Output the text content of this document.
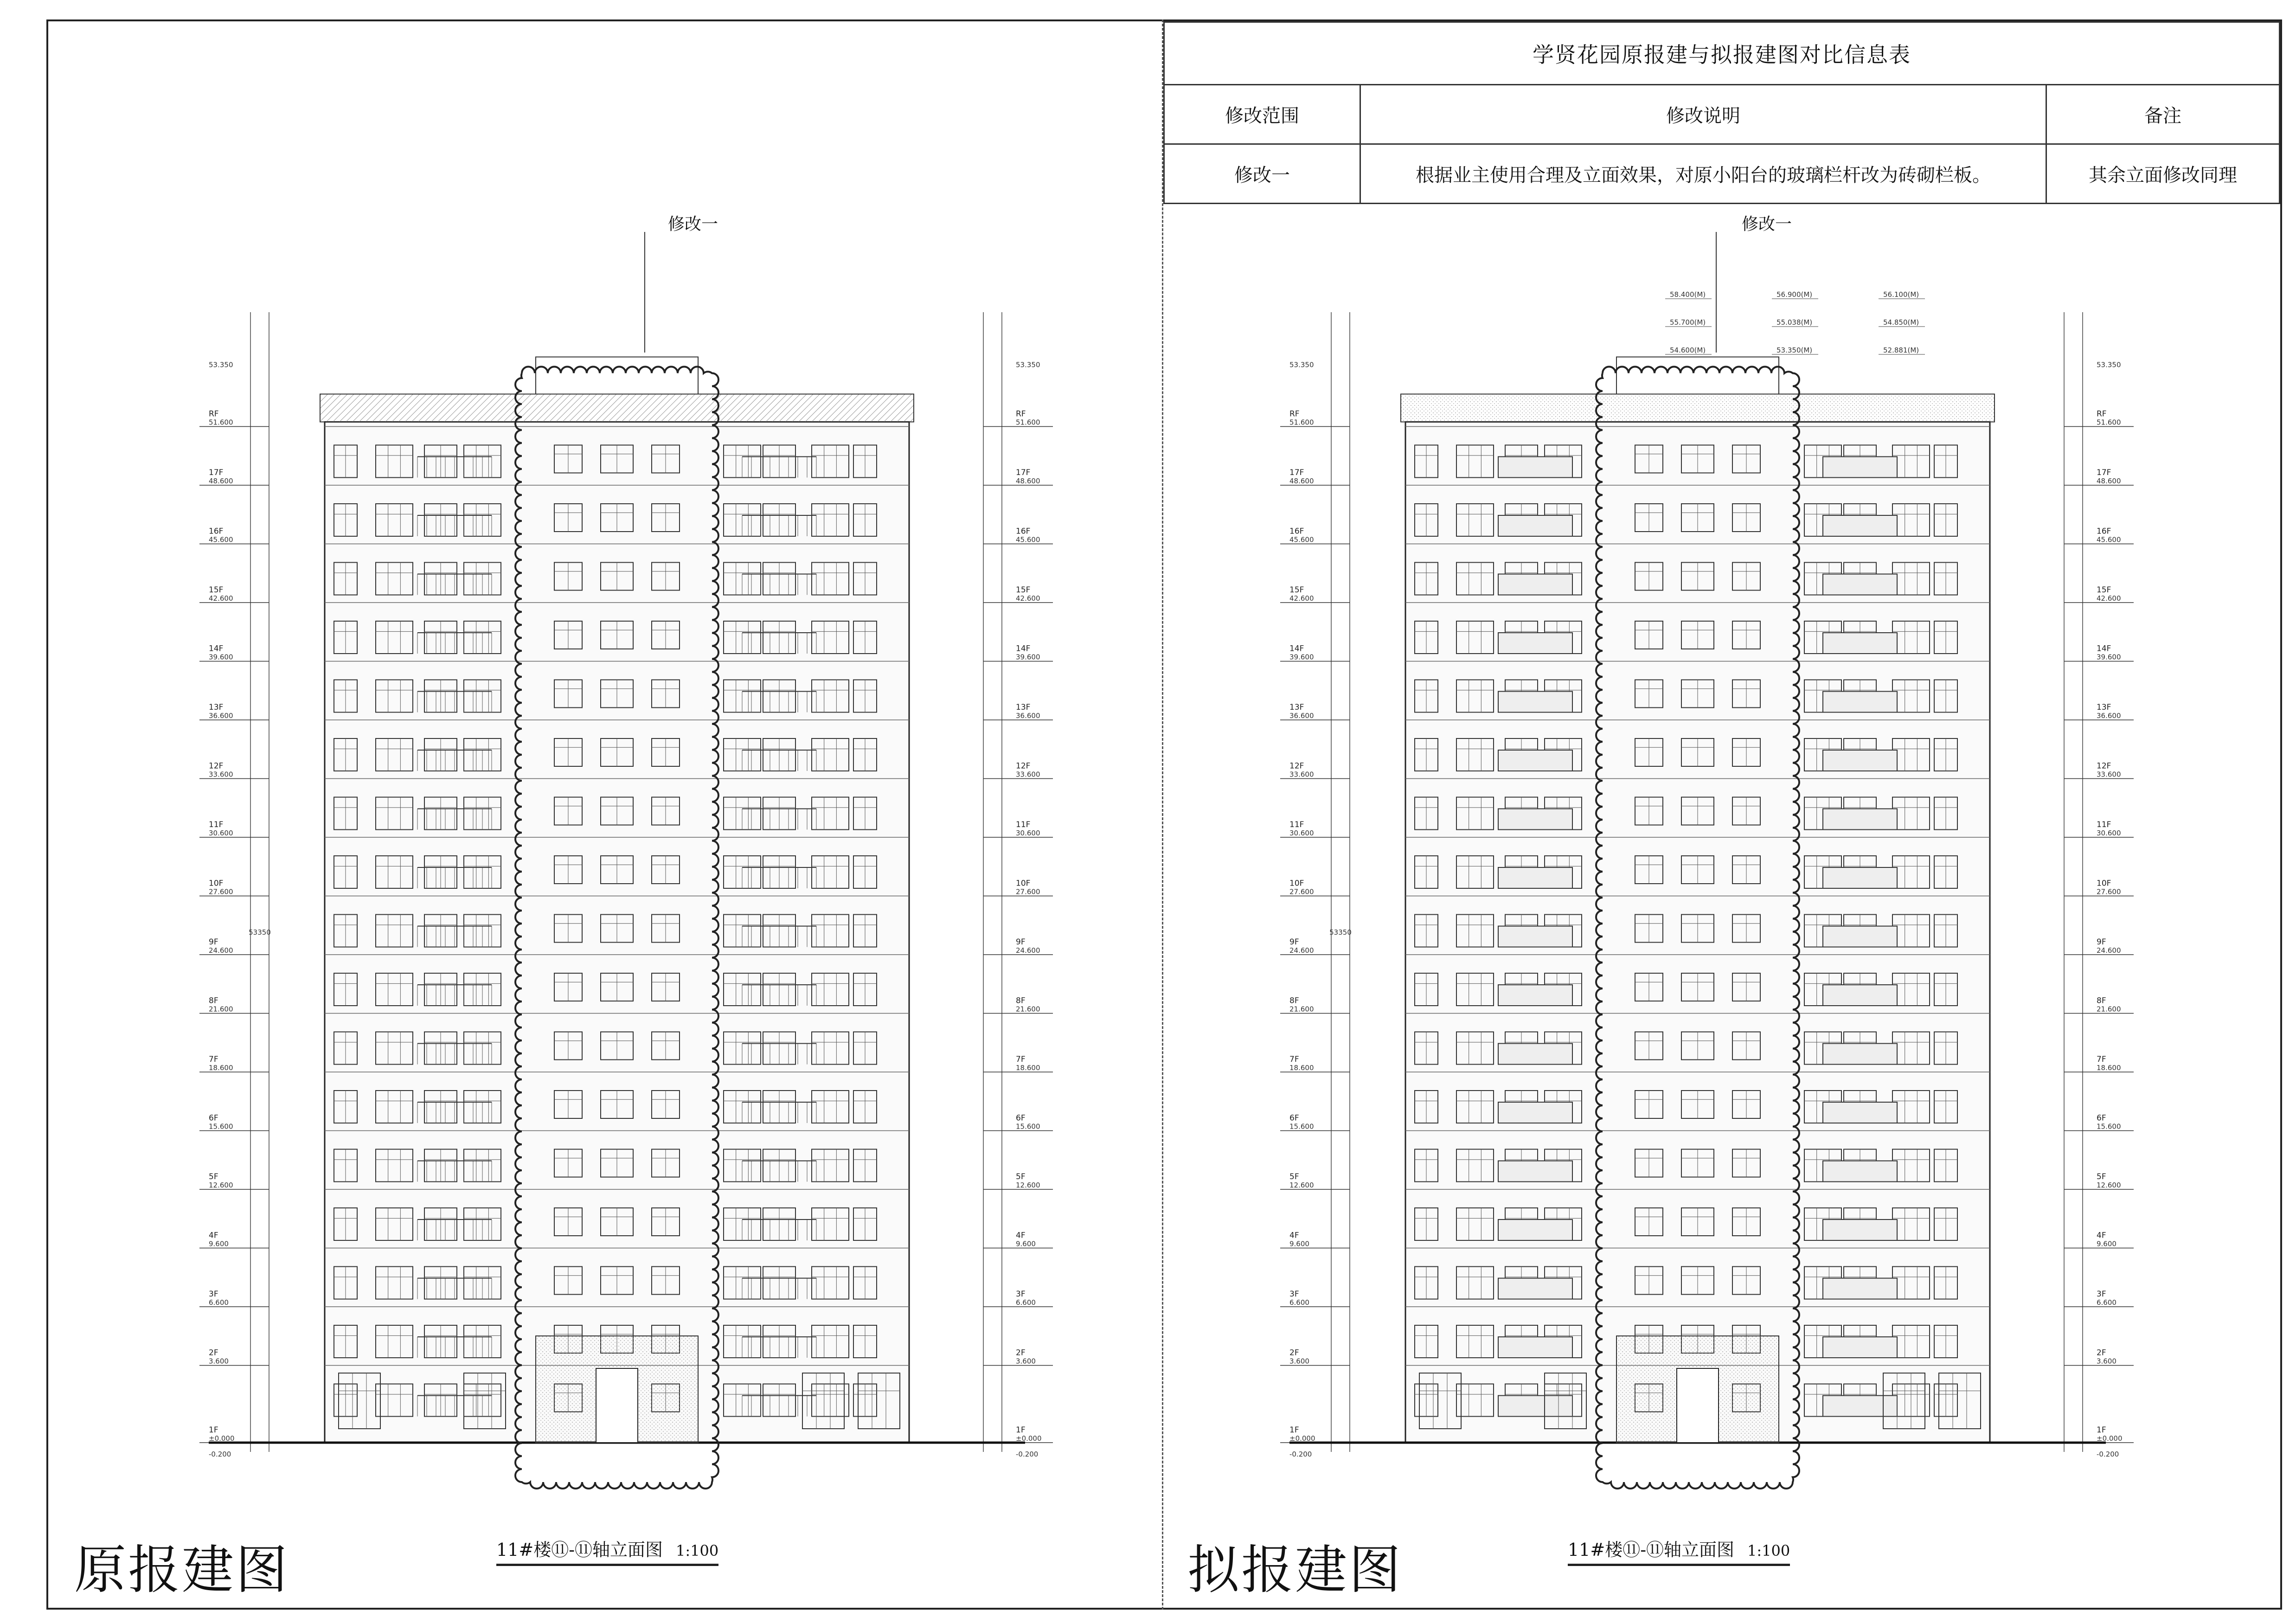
学贤花园原报建与拟报建图对比信息表		
修改范围	修改说明	备注
修改一	根据业主使用合理及立面效果，对原小阳台的玻璃栏杆改为砖砌栏板。	其余立面修改同理
1F
±0.000
1F
±0.000
2F
3.600
2F
3.600
3F
6.600
3F
6.600
4F
9.600
4F
9.600
5F
12.600
5F
12.600
6F
15.600
6F
15.600
7F
18.600
7F
18.600
8F
21.600
8F
21.600
9F
24.600
9F
24.600
10F
27.600
10F
27.600
11F
30.600
11F
30.600
12F
33.600
12F
33.600
13F
36.600
13F
36.600
14F
39.600
14F
39.600
15F
42.600
15F
42.600
16F
45.600
16F
45.600
17F
48.600
17F
48.600
RF
51.600
RF
51.600
53.350
-0.200
53.350
-0.200
53350
1F
±0.000
1F
±0.000
2F
3.600
2F
3.600
3F
6.600
3F
6.600
4F
9.600
4F
9.600
5F
12.600
5F
12.600
6F
15.600
6F
15.600
7F
18.600
7F
18.600
8F
21.600
8F
21.600
9F
24.600
9F
24.600
10F
27.600
10F
27.600
11F
30.600
11F
30.600
12F
33.600
12F
33.600
13F
36.600
13F
36.600
14F
39.600
14F
39.600
15F
42.600
15F
42.600
16F
45.600
16F
45.600
17F
48.600
17F
48.600
RF
51.600
RF
51.600
53.350
-0.200
53.350
-0.200
53350
58.400(M)	56.900(M)	56.100(M)
55.700(M)	55.038(M)	54.850(M)
54.600(M)	53.350(M)	52.881(M)
修改一	修改一
原报建图	拟报建图
11#楼⑪-⑪轴立面图 1:100	11#楼⑪-⑪轴立面图 1:100
